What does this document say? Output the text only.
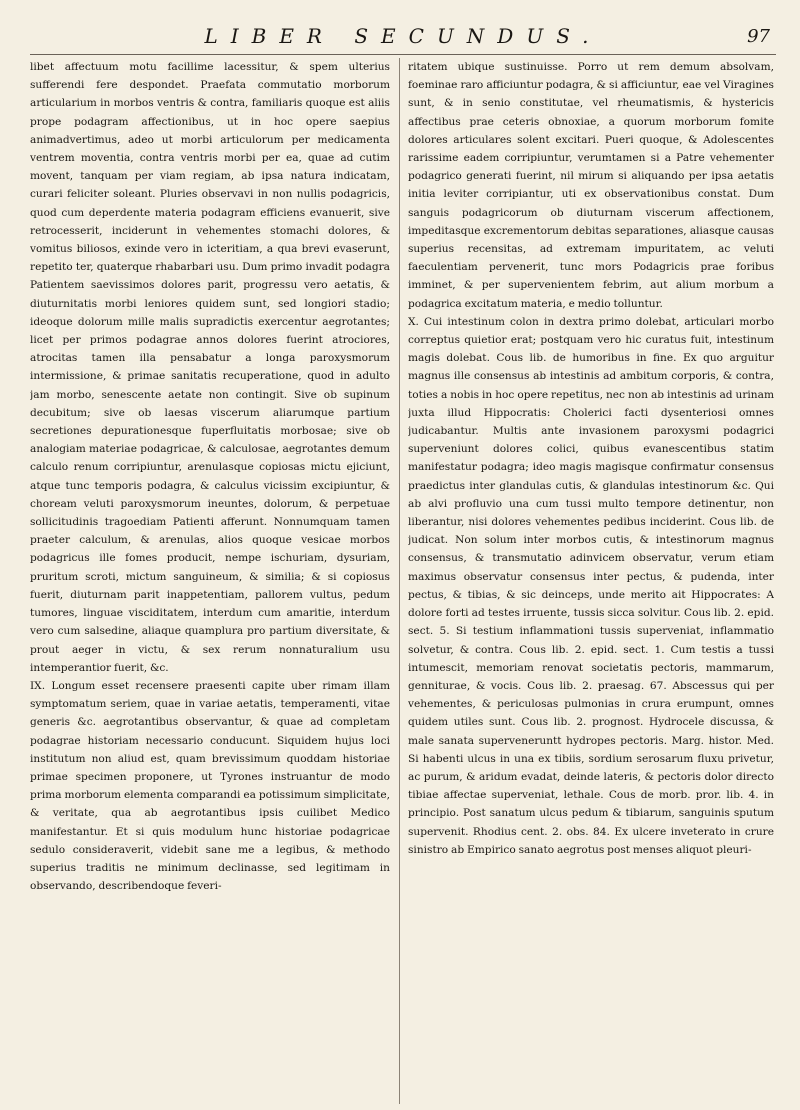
LIBER SECUNDUS.	97

libet affectuum motu facillime lacessitur, & spem ulterius sufferendi fere despondet. Praefata commutatio morborum articularium in morbos ventris & contra, familiaris quoque est aliis prope podagram affectionibus, ut in hoc opere saepius animadvertimus, adeo ut morbi articulorum per medicamenta ventrem moventia, contra ventris morbi per ea, quae ad cutim movent, tanquam per viam regiam, ab ipsa natura indicatam, curari feliciter soleant. Pluries observavi in non nullis podagricis, quod cum deperdente materia podagram efficiens evanuerit, sive retrocesserit, inciderunt in vehementes stomachi dolores, & vomitus biliosos, exinde vero in icteritiam, a qua brevi evaserunt, repetito ter, quaterque rhabarbari usu. Dum primo invadit podagra Patientem saevissimos dolores parit, progressu vero aetatis, & diuturnitatis morbi leniores quidem sunt, sed longiori stadio; ideoque dolorum mille malis supradictis exercentur aegrotantes; licet per primos podagrae annos dolores fuerint atrociores, atrocitas tamen illa pensabatur a longa paroxysmorum intermissione, & primae sanitatis recuperatione, quod in adulto jam morbo, senescente aetate non contingit. Sive ob supinum decubitum; sive ob laesas viscerum aliarumque partium secretiones depurationesque fuperfluitatis morbosae; sive ob analogiam materiae podagricae, & calculosae, aegrotantes demum calculo renum corripiuntur, arenulasque copiosas mictu ejiciunt, atque tunc temporis podagra, & calculus vicissim excipiuntur, & choream veluti paroxysmorum ineuntes, dolorum, & perpetuae sollicitudinis tragoediam Patienti afferunt. Nonnumquam tamen praeter calculum, & arenulas, alios quoque vesicae morbos podagricus ille fomes producit, nempe ischuriam, dysuriam, pruritum scroti, mictum sanguineum, & similia; & si copiosus fuerit, diuturnam parit inappetentiam, pallorem vultus, pedum tumores, linguae visciditatem, interdum cum amaritie, interdum vero cum salsedine, aliaque quamplura pro partium diversitate, & prout aeger in victu, & sex rerum nonnaturalium usu intemperantior fuerit, &c.

IX. Longum esset recensere praesenti capite uber rimam illam symptomatum seriem, quae in variae aetatis, temperamenti, vitae generis &c. aegrotantibus observantur, & quae ad completam podagrae historiam necessario conducunt. Siquidem hujus loci institutum non aliud est, quam brevissimum quoddam historiae primae specimen proponere, ut Tyrones instruantur de modo prima morborum elementa comparandi ea potissimum simplicitate, & veritate, qua ab aegrotantibus ipsis cuilibet Medico manifestantur. Et si quis modulum hunc historiae podagricae sedulo consideraverit, videbit sane me a legibus, & methodo superius traditis ne minimum declinasse, sed legitimam in observando, describendoque feveri-

ritatem ubique sustinuisse. Porro ut rem demum absolvam, foeminae raro afficiuntur podagra, & si afficiuntur, eae vel Viragines sunt, & in senio constitutae, vel rheumatismis, & hystericis affectibus prae ceteris obnoxiae, a quorum morborum fomite dolores articulares solent excitari. Pueri quoque, & Adolescentes rarissime eadem corripiuntur, verumtamen si a Patre vehementer podagrico generati fuerint, nil mirum si aliquando per ipsa aetatis initia leviter corripiantur, uti ex observationibus constat. Dum sanguis podagricorum ob diuturnam viscerum affectionem, impeditasque excrementorum debitas separationes, aliasque causas superius recensitas, ad extremam impuritatem, ac veluti faeculentiam pervenerit, tunc mors Podagricis prae foribus imminet, & per supervenientem febrim, aut alium morbum a podagrica excitatum materia, e medio tolluntur.

X. Cui intestinum colon in dextra primo dolebat, articulari morbo correptus quietior erat; postquam vero hic curatus fuit, intestinum magis dolebat. Cous lib. de humoribus in fine. Ex quo arguitur magnus ille consensus ab intestinis ad ambitum corporis, & contra, toties a nobis in hoc opere repetitus, nec non ab intestinis ad urinam juxta illud Hippocratis: Cholerici facti dysenteriosi omnes judicabantur. Multis ante invasionem paroxysmi podagrici superveniunt dolores colici, quibus evanescentibus statim manifestatur podagra; ideo magis magisque confirmatur consensus praedictus inter glandulas cutis, & glandulas intestinorum &c. Qui ab alvi profluvio una cum tussi multo tempore detinentur, non liberantur, nisi dolores vehementes pedibus inciderint. Cous lib. de judicat. Non solum inter morbos cutis, & intestinorum magnus consensus, & transmutatio adinvicem observatur, verum etiam maximus observatur consensus inter pectus, & pudenda, inter pectus, & tibias, & sic deinceps, unde merito ait Hippocrates: A dolore forti ad testes irruente, tussis sicca solvitur. Cous lib. 2. epid. sect. 5. Si testium inflammationi tussis superveniat, inflammatio solvetur, & contra. Cous lib. 2. epid. sect. 1. Cum testis a tussi intumescit, memoriam renovat societatis pectoris, mammarum, genniturae, & vocis. Cous lib. 2. praesag. 67. Abscessus qui per vehementes, & periculosas pulmonias in crura erumpunt, omnes quidem utiles sunt. Cous lib. 2. prognost. Hydrocele discussa, & male sanata superveneruntt hydropes pectoris. Marg. histor. Med. Si habenti ulcus in una ex tibiis, sordium serosarum fluxu privetur, ac purum, & aridum evadat, deinde lateris, & pectoris dolor directo tibiae affectae superveniat, lethale. Cous de morb. pror. lib. 4. in principio. Post sanatum ulcus pedum & tibiarum, sanguinis sputum supervenit. Rhodius cent. 2. obs. 84. Ex ulcere inveterato in crure sinistro ab Empirico sanato aegrotus post menses aliquot pleuri-
